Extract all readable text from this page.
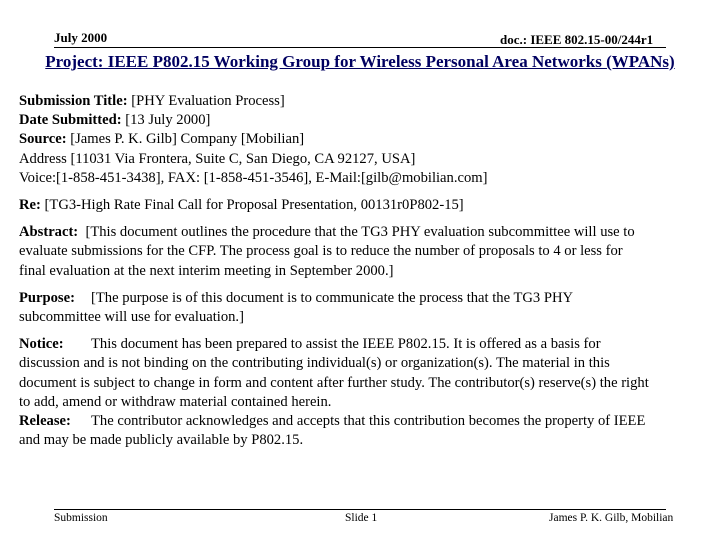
July 2000	doc.: IEEE 802.15-00/244r1
Project: IEEE P802.15 Working Group for Wireless Personal Area Networks (WPANs)

Submission Title: [PHY Evaluation Process]

Date Submitted: [13 July 2000]

Source: [James P. K. Gilb] Company [Mobilian]

Address [11031 Via Frontera, Suite C, San Diego, CA 92127, USA]

Voice:[1-858-451-3438], FAX: [1-858-451-3546], E-Mail:[gilb@mobilian.com]

Re: [TG3-High Rate Final Call for Proposal Presentation, 00131r0P802-15]

Abstract: [This document outlines the procedure that the TG3 PHY evaluation subcommittee will use to

evaluate submissions for the CFP. The process goal is to reduce the number of proposals to 4 or less for

final evaluation at the next interim meeting in September 2000.]

Purpose: [The purpose is of this document is to communicate the process that the TG3 PHY

subcommittee will use for evaluation.]

Notice: This document has been prepared to assist the IEEE P802.15. It is offered as a basis for

discussion and is not binding on the contributing individual(s) or organization(s). The material in this

document is subject to change in form and content after further study. The contributor(s) reserve(s) the right

to add, amend or withdraw material contained herein.

Release: The contributor acknowledges and accepts that this contribution becomes the property of IEEE

and may be made publicly available by P802.15.

Submission	Slide 1	James P. K. Gilb, Mobilian
